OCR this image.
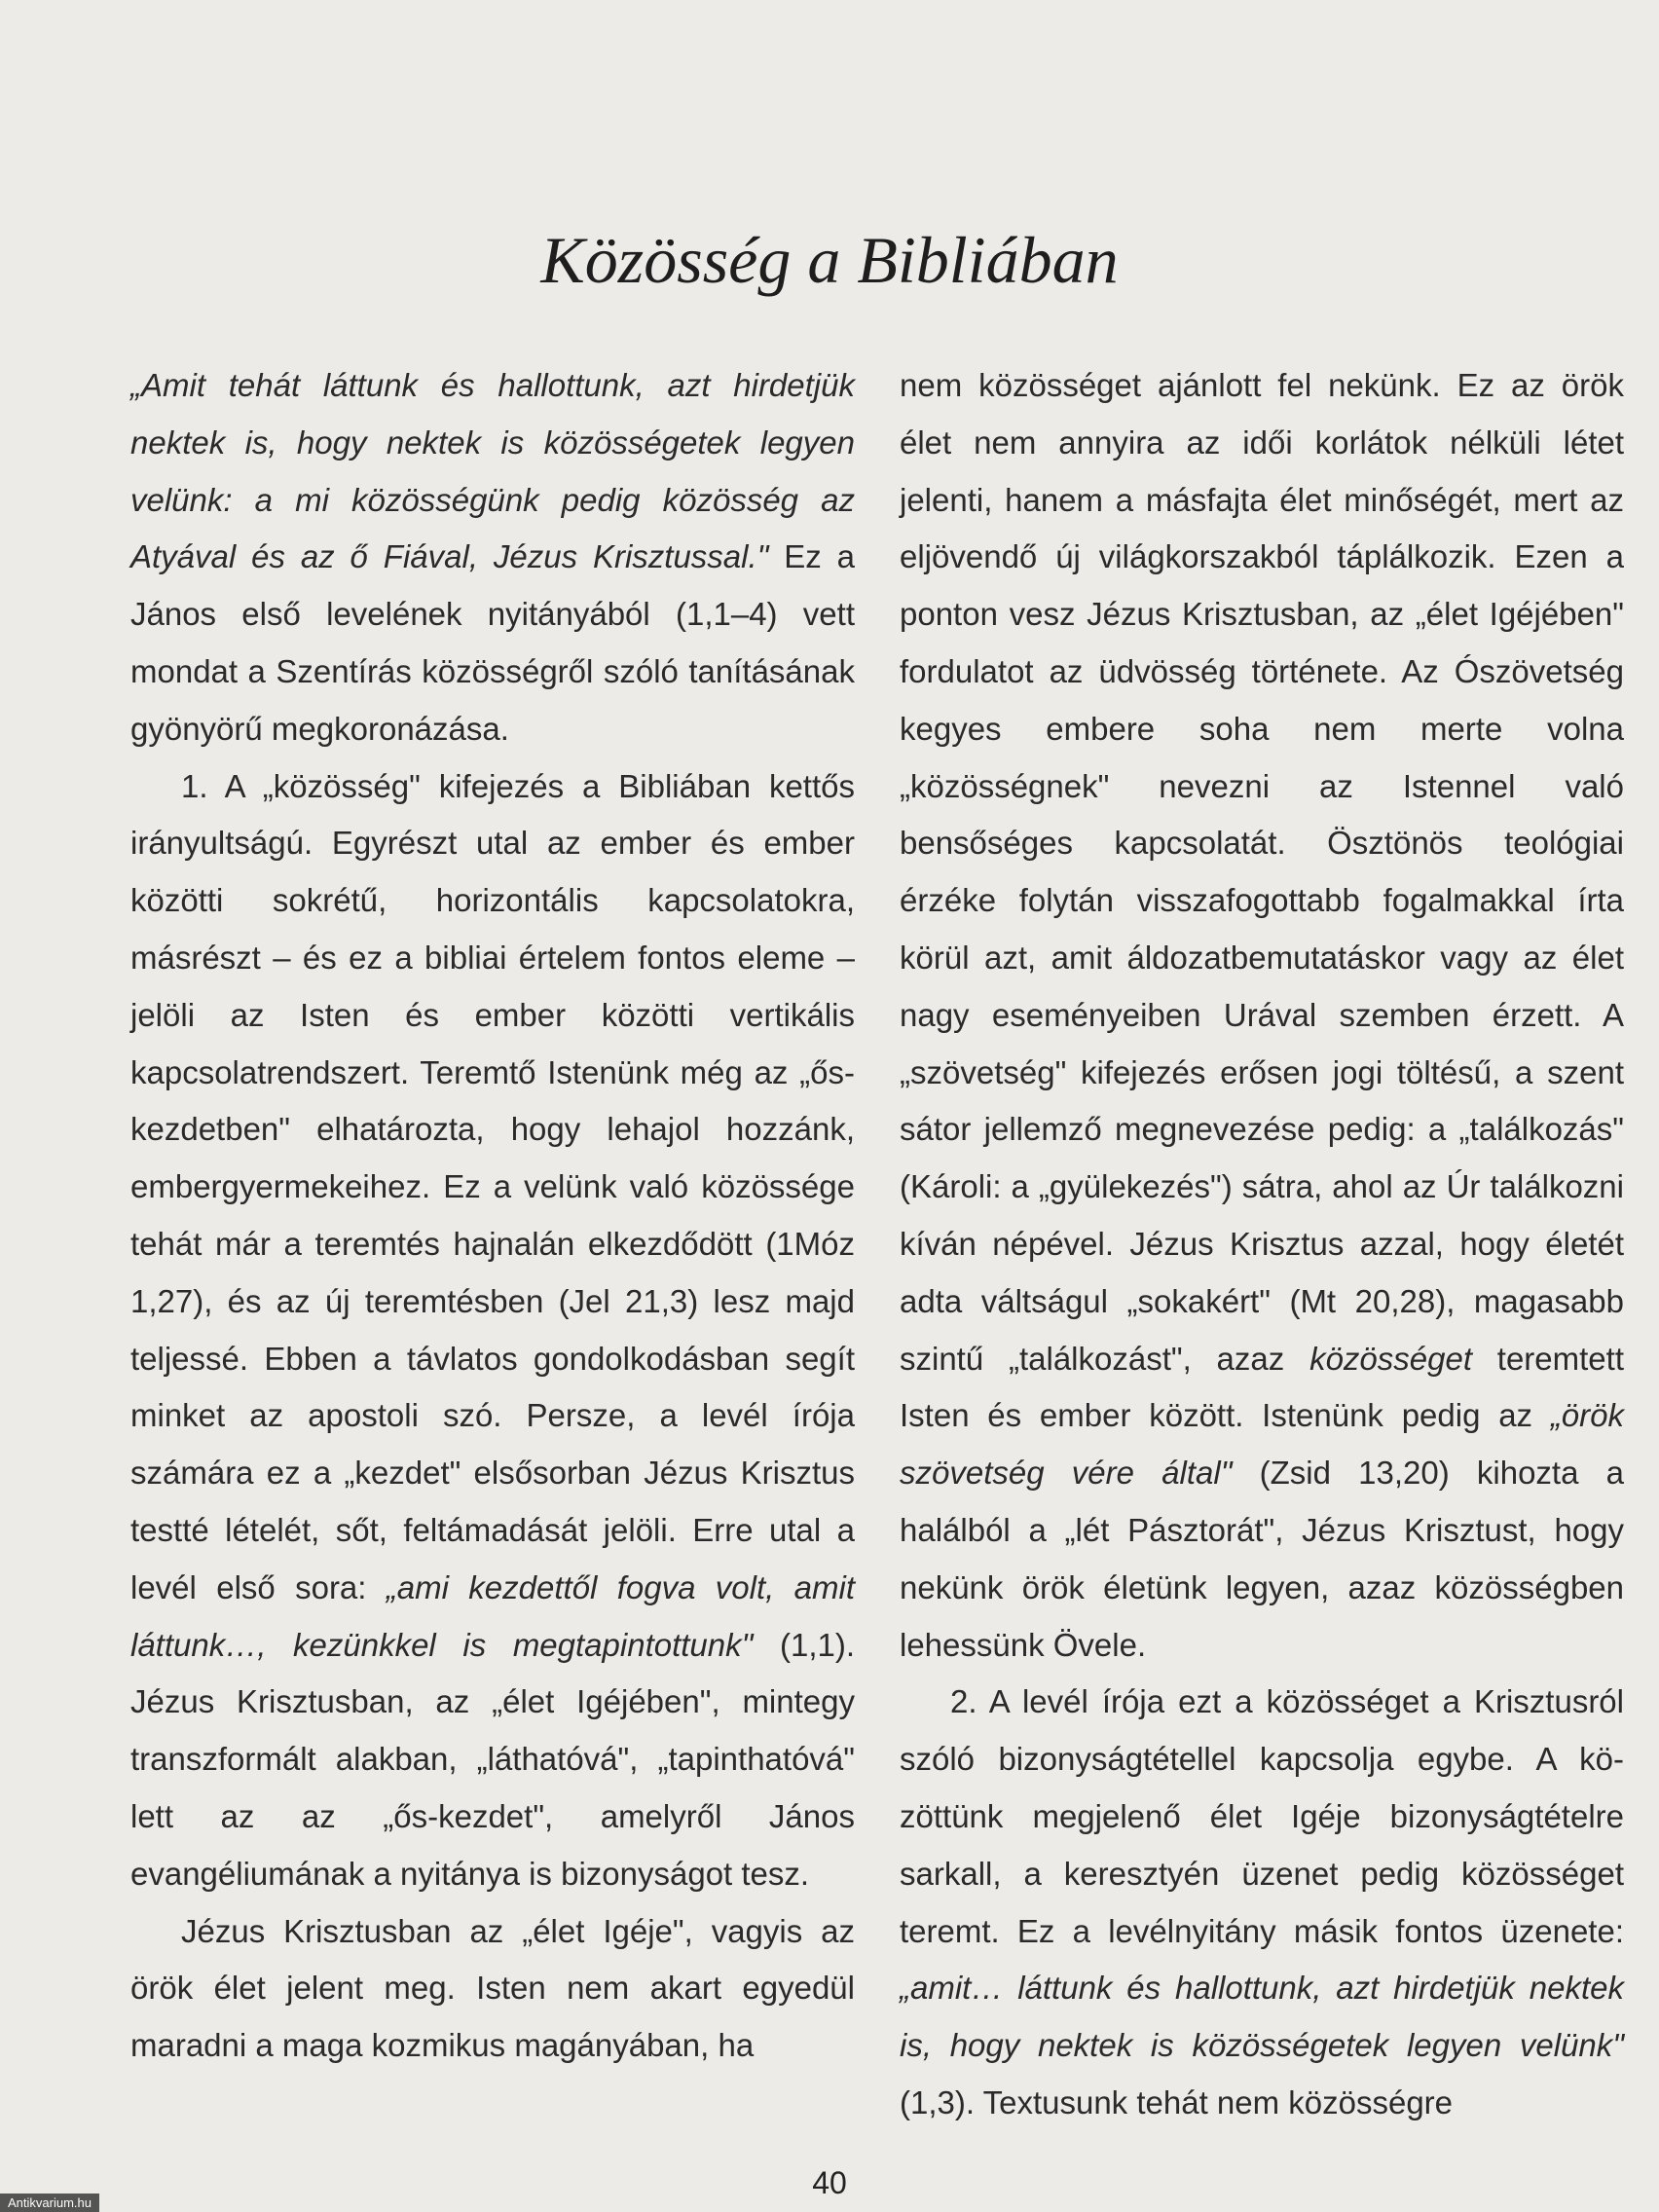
Közösség a Bibliában

„Amit tehát láttunk és hallottunk, azt hirdetjük nektek is, hogy nektek is közösségetek legyen velünk: a mi közösségünk pedig közösség az Atyával és az ő Fiával, Jézus Krisztussal." Ez a János első levelének nyitányából (1,1–4) vett mondat a Szentírás közösségről szóló tanításának gyönyörű megkoronázása.

1. A „közösség" kifejezés a Bibliában kettős irányultságú. Egyrészt utal az ember és ember közötti sokrétű, horizontális kapcsolatokra, másrészt – és ez a bibliai értelem fontos eleme – jelöli az Isten és ember közötti vertikális kapcsolatrendszert. Teremtő Istenünk még az „ős-kezdetben" elhatározta, hogy lehajol hozzánk, embergyermekeihez. Ez a velünk való közössége tehát már a teremtés hajnalán elkezdődött (1Móz 1,27), és az új teremtésben (Jel 21,3) lesz majd teljessé. Ebben a távlatos gondolkodásban segít minket az apostoli szó. Persze, a levél írója számára ez a „kezdet" elsősorban Jézus Krisztus testté lételét, sőt, feltámadását jelöli. Erre utal a levél első sora: „ami kezdettől fogva volt, amit láttunk…, kezünkkel is megtapintottunk" (1,1). Jézus Krisztusban, az „élet Igéjében", mintegy transzformált alakban, „láthatóvá", „tapinthatóvá" lett az az „ős-kezdet", amelyről János evangéliumának a nyitánya is bizonyságot tesz.

Jézus Krisztusban az „élet Igéje", vagyis az örök élet jelent meg. Isten nem akart egyedül maradni a maga kozmikus magányában, ha

nem közösséget ajánlott fel nekünk. Ez az örök élet nem annyira az idői korlátok nélküli létet jelenti, hanem a másfajta élet minőségét, mert az eljövendő új világkorszakból táplálkozik. Ezen a ponton vesz Jézus Krisztusban, az „élet Igéjében" fordulatot az üdvösség története. Az Ószövetség kegyes embere soha nem merte volna „közösségnek" nevezni az Istennel való bensőséges kapcsolatát. Ösztönös teológiai érzéke folytán visszafogottabb fogalmakkal írta körül azt, amit áldozatbemutatáskor vagy az élet nagy eseményeiben Urával szemben érzett. A „szövetség" kifejezés erősen jogi töltésű, a szent sátor jellemző megnevezése pedig: a „találkozás" (Károli: a „gyülekezés") sátra, ahol az Úr találkozni kíván népével. Jézus Krisztus azzal, hogy életét adta váltságul „sokakért" (Mt 20,28), magasabb szintű „találkozást", azaz közösséget teremtett Isten és ember között. Istenünk pedig az „örök szövetség vére által" (Zsid 13,20) kihozta a halálból a „lét Pásztorát", Jézus Krisztust, hogy nekünk örök életünk legyen, azaz közösségben lehessünk Övele.

2. A levél írója ezt a közösséget a Krisztusról szóló bizonyságtétellel kapcsolja egybe. A közöttünk megjelenő élet Igéje bizonyságtételre sarkall, a keresztyén üzenet pedig közösséget teremt. Ez a levélnyitány másik fontos üzenete: „amit… láttunk és hallottunk, azt hirdetjük nektek is, hogy nektek is közösségetek legyen velünk" (1,3). Textusunk tehát nem közösségre

40
Antikvarium.hu
